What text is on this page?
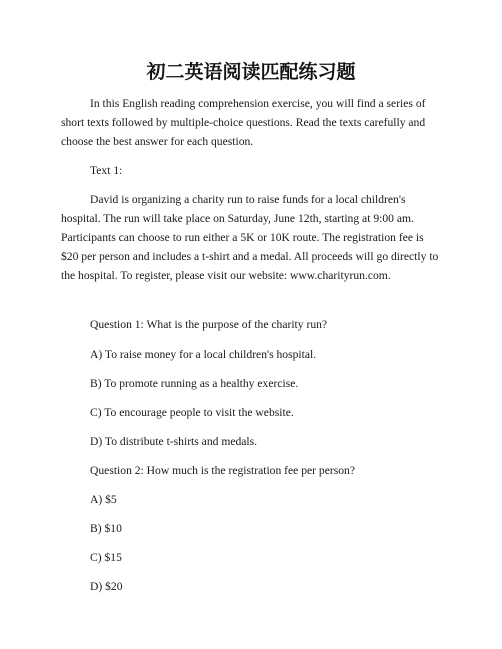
初二英语阅读匹配练习题

In this English reading comprehension exercise, you will find a series of short texts followed by multiple-choice questions. Read the texts carefully and choose the best answer for each question.

Text 1:

David is organizing a charity run to raise funds for a local children's hospital. The run will take place on Saturday, June 12th, starting at 9:00 am. Participants can choose to run either a 5K or 10K route. The registration fee is $20 per person and includes a t-shirt and a medal. All proceeds will go directly to the hospital. To register, please visit our website: www.charityrun.com.

Question 1: What is the purpose of the charity run?

A) To raise money for a local children's hospital.

B) To promote running as a healthy exercise.

C) To encourage people to visit the website.

D) To distribute t-shirts and medals.

Question 2: How much is the registration fee per person?

A) $5

B) $10

C) $15

D) $20
